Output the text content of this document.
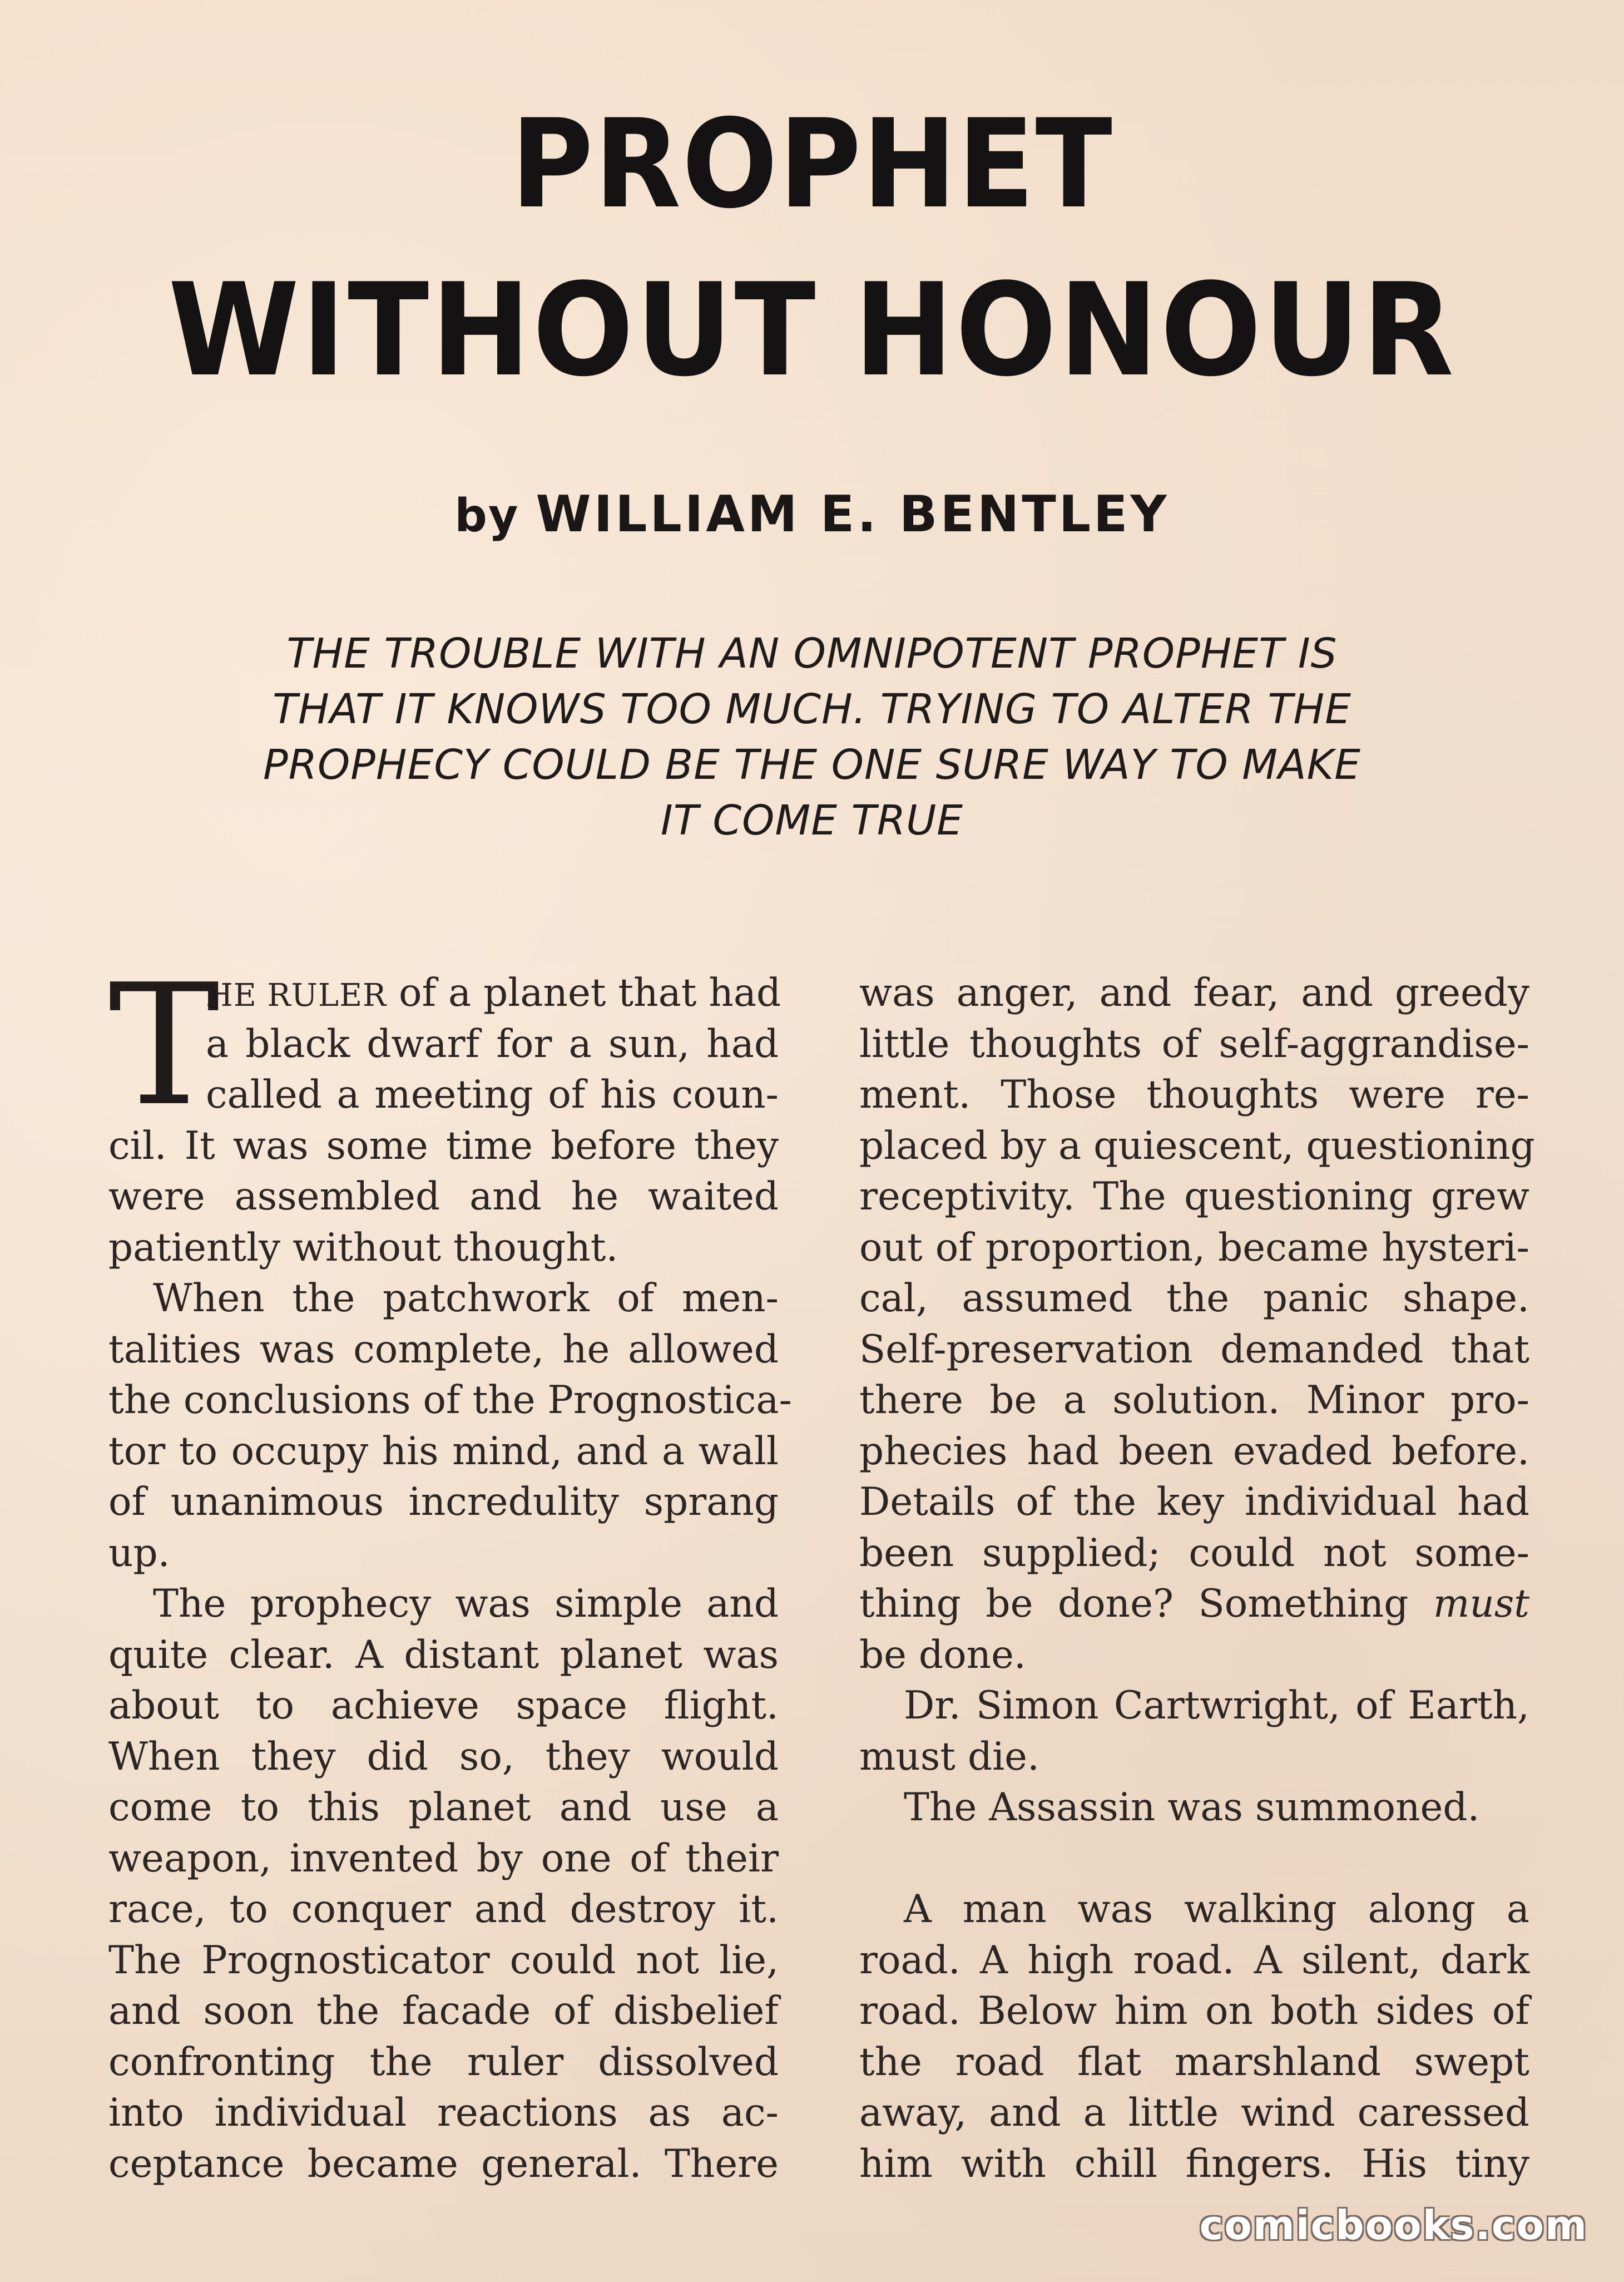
PROPHET
WITHOUT HONOUR
by WILLIAM E. BENTLEY
THE TROUBLE WITH AN OMNIPOTENT PROPHET IS
THAT IT KNOWS TOO MUCH. TRYING TO ALTER THE
PROPHECY COULD BE THE ONE SURE WAY TO MAKE
IT COME TRUE
T
HE RULER of a planet that had
a black dwarf for a sun, had
called a meeting of his coun-
cil. It was some time before they
were assembled and he waited
patiently without thought.
When the patchwork of men-
talities was complete, he allowed
the conclusions of the Prognostica-
tor to occupy his mind, and a wall
of unanimous incredulity sprang
up.
The prophecy was simple and
quite clear. A distant planet was
about to achieve space flight.
When they did so, they would
come to this planet and use a
weapon, invented by one of their
race, to conquer and destroy it.
The Prognosticator could not lie,
and soon the facade of disbelief
confronting the ruler dissolved
into individual reactions as ac-
ceptance became general. There
was anger, and fear, and greedy
little thoughts of self-aggrandise-
ment. Those thoughts were re-
placed by a quiescent, questioning
receptivity. The questioning grew
out of proportion, became hysteri-
cal, assumed the panic shape.
Self-preservation demanded that
there be a solution. Minor pro-
phecies had been evaded before.
Details of the key individual had
been supplied; could not some-
thing be done? Something must
be done.
Dr. Simon Cartwright, of Earth,
must die.
The Assassin was summoned.
A man was walking along a
road. A high road. A silent, dark
road. Below him on both sides of
the road flat marshland swept
away, and a little wind caressed
him with chill fingers. His tiny
comicbooks.com
